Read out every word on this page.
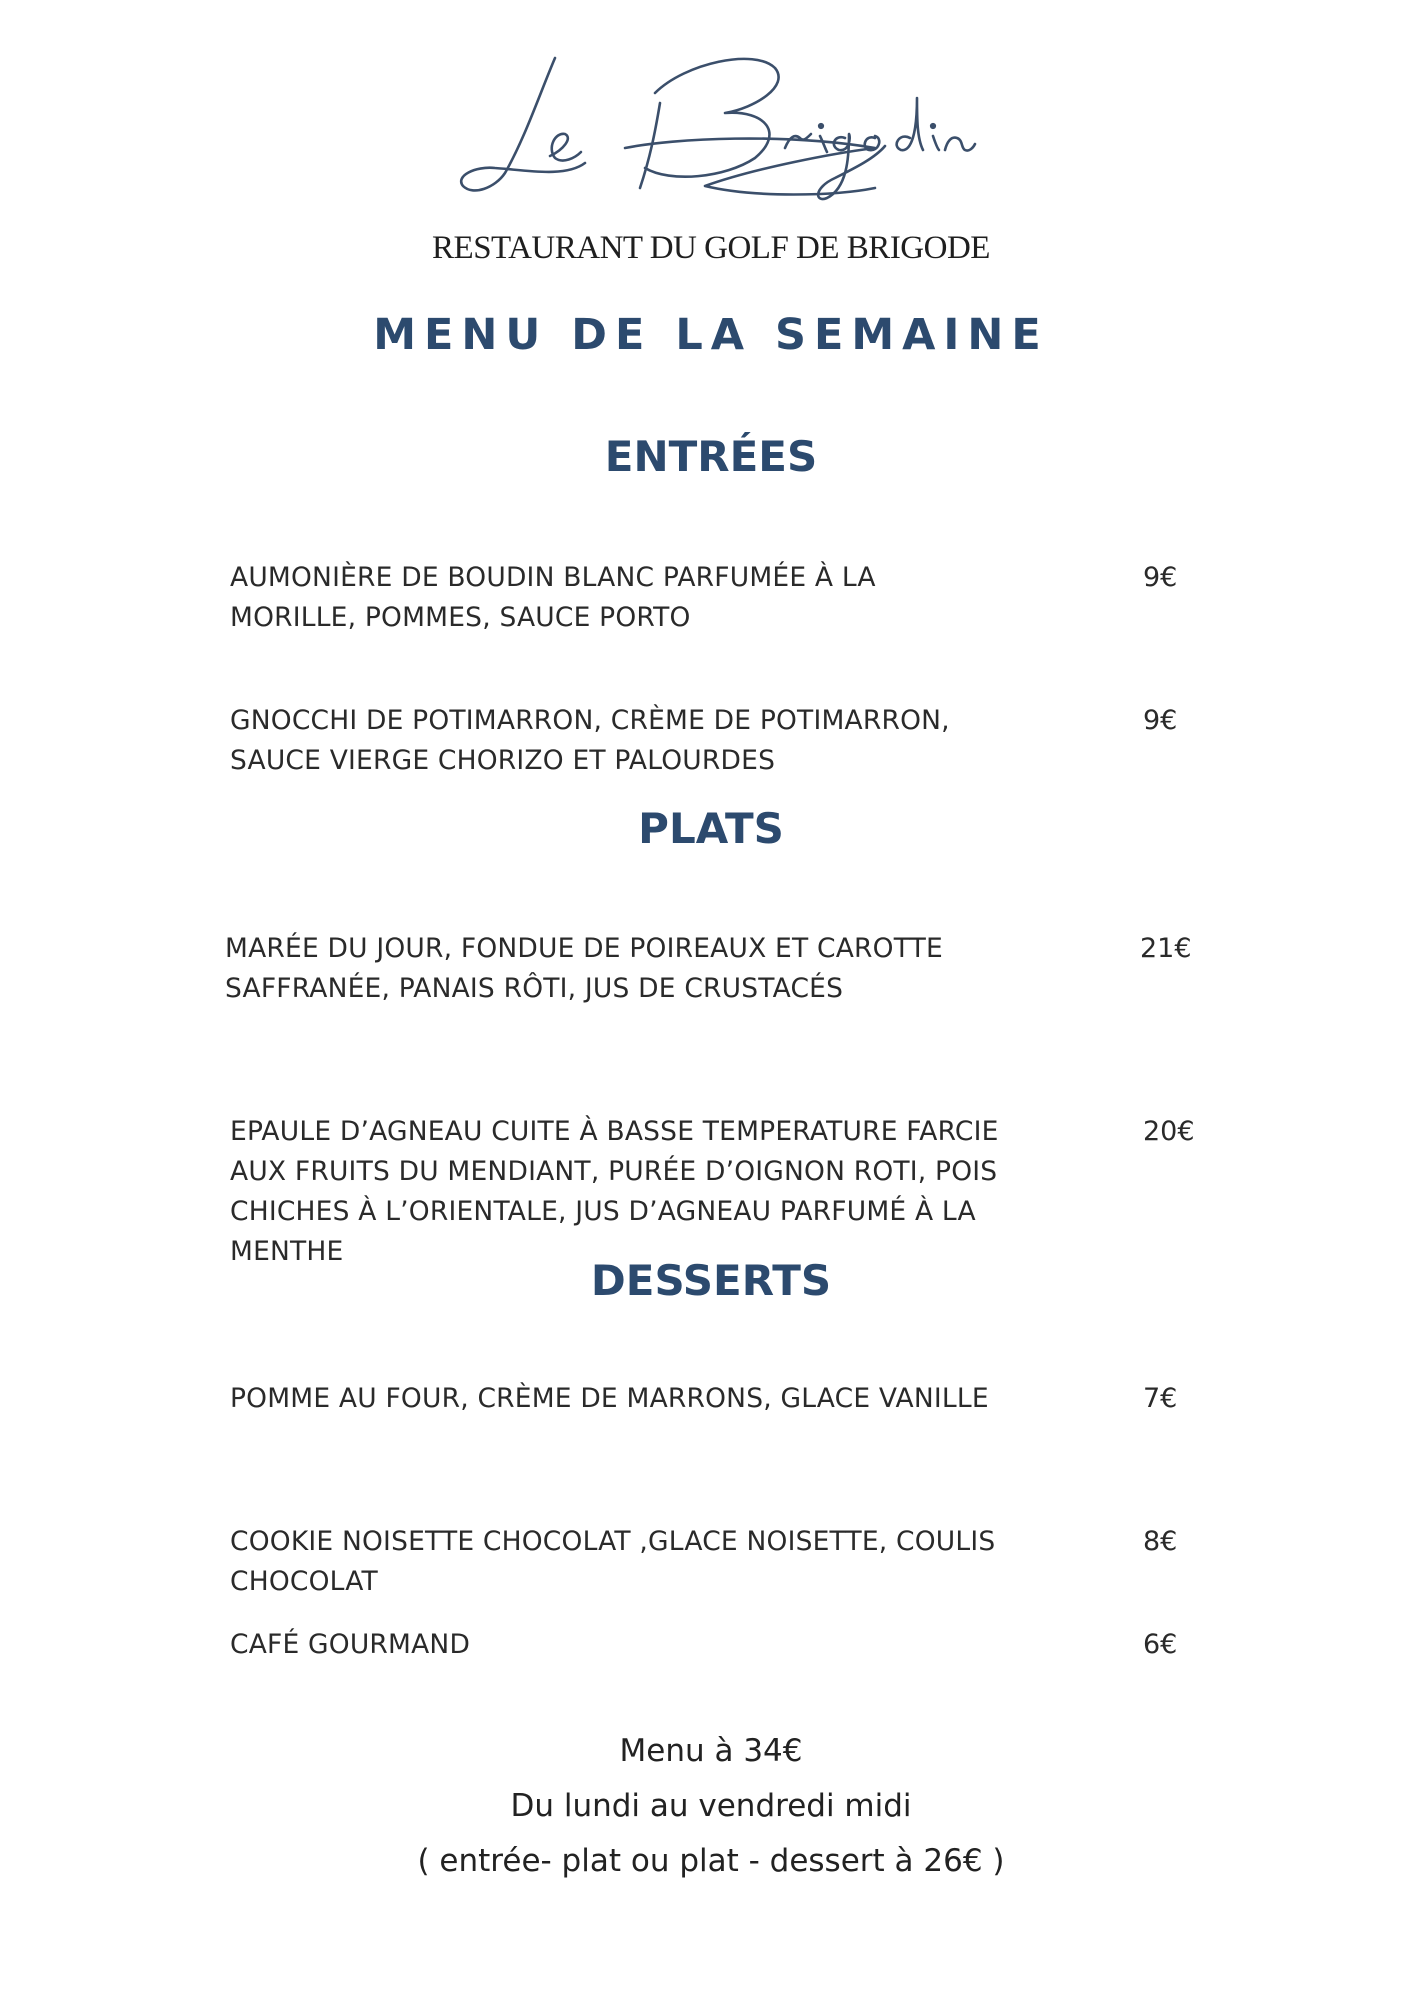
RESTAURANT DU GOLF DE BRIGODE
MENU DE LA SEMAINE
ENTRÉES
AUMONIÈRE DE BOUDIN BLANC PARFUMÉE À LA
MORILLE, POMMES, SAUCE PORTO
9€
GNOCCHI DE POTIMARRON, CRÈME DE POTIMARRON,
SAUCE VIERGE CHORIZO ET PALOURDES
9€
PLATS
MARÉE DU JOUR, FONDUE DE POIREAUX ET CAROTTE
SAFFRANÉE, PANAIS RÔTI, JUS DE CRUSTACÉS
21€
EPAULE D’AGNEAU CUITE À BASSE TEMPERATURE FARCIE
AUX FRUITS DU MENDIANT, PURÉE D’OIGNON ROTI, POIS
CHICHES À L’ORIENTALE, JUS D’AGNEAU PARFUMÉ À LA
MENTHE
20€
DESSERTS
POMME AU FOUR, CRÈME DE MARRONS, GLACE VANILLE	7€
COOKIE NOISETTE CHOCOLAT ,GLACE NOISETTE, COULIS
CHOCOLAT
8€
CAFÉ GOURMAND	6€
Menu à 34€
Du lundi au vendredi midi
( entrée- plat ou plat - dessert à 26€ )
